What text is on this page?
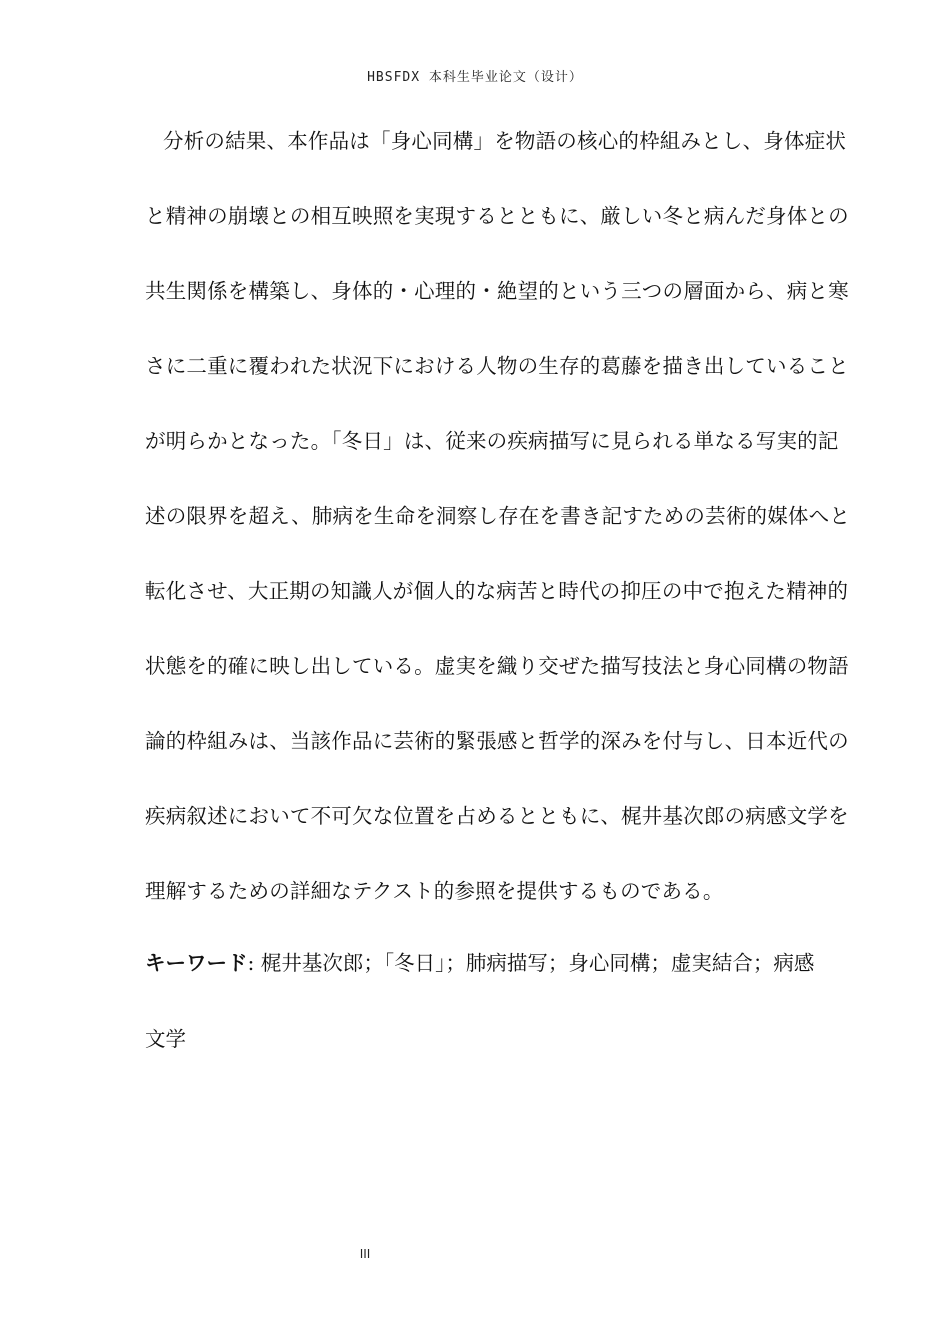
HBSFDX 本科生毕业论文（设计）
分析の結果、本作品は「身心同構」を物語の核心的枠組みとし、身体症状
と精神の崩壊との相互映照を実現するとともに、厳しい冬と病んだ身体との
共生関係を構築し、身体的・心理的・絶望的という三つの層面から、病と寒
さに二重に覆われた状況下における人物の生存的葛藤を描き出していること
が明らかとなった。「冬日」は、従来の疾病描写に見られる単なる写実的記
述の限界を超え、肺病を生命を洞察し存在を書き記すための芸術的媒体へと
転化させ、大正期の知識人が個人的な病苦と時代の抑圧の中で抱えた精神的
状態を的確に映し出している。虚実を織り交ぜた描写技法と身心同構の物語
論的枠組みは、当該作品に芸術的緊張感と哲学的深みを付与し、日本近代の
疾病叙述において不可欠な位置を占めるとともに、梶井基次郎の病感文学を
理解するための詳細なテクスト的参照を提供するものである。
キーワード: 梶井基次郎；「冬日」；肺病描写；身心同構；虚実結合；病感
文学
III
